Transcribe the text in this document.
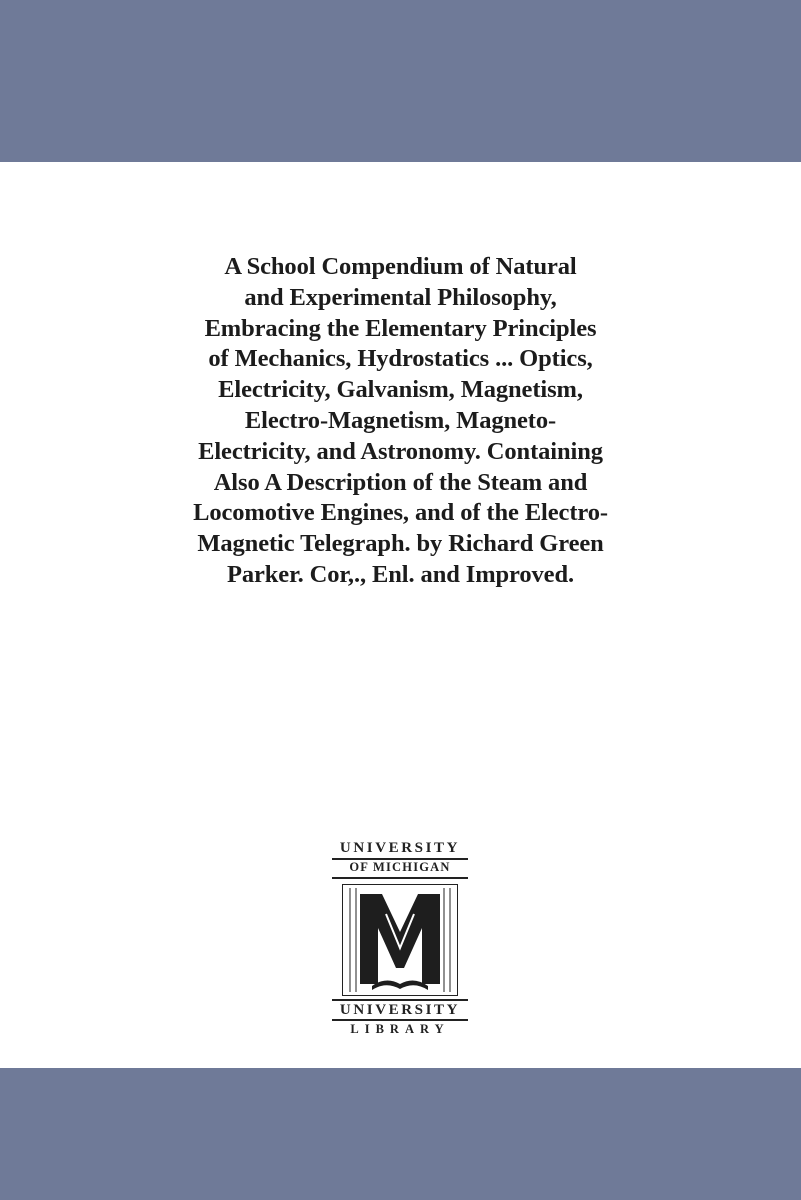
A School Compendium of Natural
and Experimental Philosophy,
Embracing the Elementary Principles
of Mechanics, Hydrostatics ... Optics,
Electricity, Galvanism, Magnetism,
Electro-Magnetism, Magneto-
Electricity, and Astronomy. Containing
Also A Description of the Steam and
Locomotive Engines, and of the Electro-
Magnetic Telegraph. by Richard Green
Parker. Cor,., Enl. and Improved.
UNIVERSITY
OF MICHIGAN
UNIVERSITY
LIBRARY
